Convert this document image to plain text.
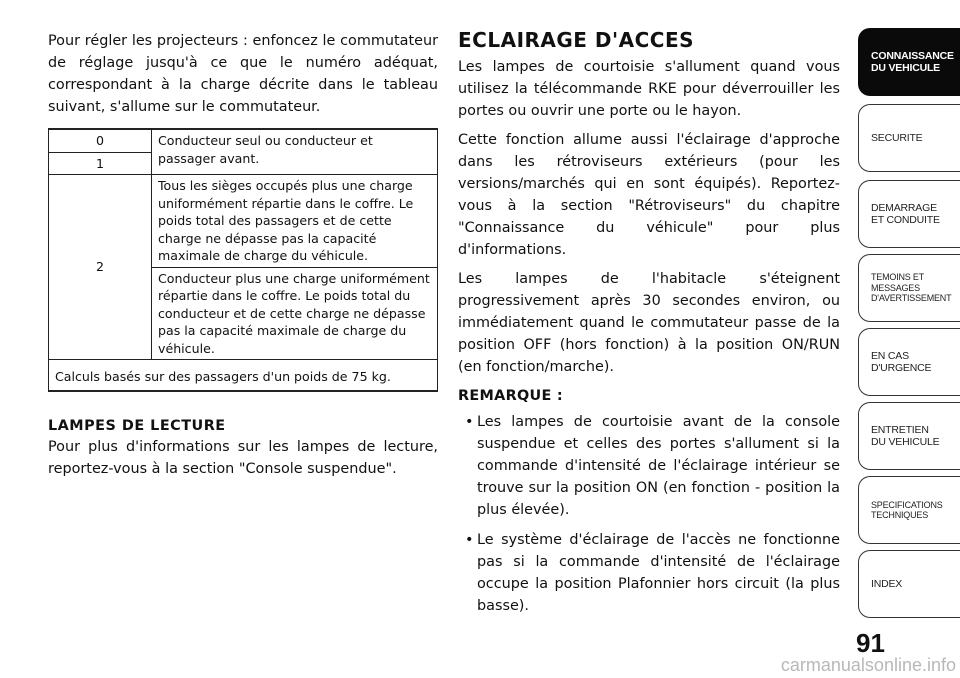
Pour régler les projecteurs : enfoncez le commutateur de réglage jusqu'à ce que le numéro adéquat, correspondant à la charge décrite dans le tableau suivant, s'allume sur le commutateur.

0	Conducteur seul ou conducteur et passager avant.
1	
2	Tous les sièges occupés plus une charge uniformément répartie dans le coffre. Le poids total des passagers et de cette charge ne dépasse pas la capacité maximale de charge du véhicule.
	Conducteur plus une charge uniformément répartie dans le coffre. Le poids total du conducteur et de cette charge ne dépasse pas la capacité maximale de charge du véhicule.
Calculs basés sur des passagers d'un poids de 75 kg.	
LAMPES DE LECTURE

Pour plus d'informations sur les lampes de lecture, reportez-vous à la section "Console suspendue".

ECLAIRAGE D'ACCES

Les lampes de courtoisie s'allument quand vous utilisez la télécommande RKE pour déverrouiller les portes ou ouvrir une porte ou le hayon.

Cette fonction allume aussi l'éclairage d'approche dans les rétroviseurs extérieurs (pour les versions/marchés qui en sont équipés). Reportez-vous à la section "Rétroviseurs" du chapitre "Connaissance du véhicule" pour plus d'informations.

Les lampes de l'habitacle s'éteignent progressivement après 30 secondes environ, ou immédiatement quand le commutateur passe de la position OFF (hors fonction) à la position ON/RUN (en fonction/marche).

REMARQUE :
• Les lampes de courtoisie avant de la console suspendue et celles des portes s'allument si la commande d'intensité de l'éclairage intérieur se trouve sur la position ON (en fonction - position la plus élevée).
• Le système d'éclairage de l'accès ne fonctionne pas si la commande d'intensité de l'éclairage occupe la position Plafonnier hors circuit (la plus basse).
CONNAISSANCE
DU VEHICULE
SECURITE
DEMARRAGE
ET CONDUITE
TEMOINS ET
MESSAGES
D'AVERTISSEMENT
EN CAS
D'URGENCE
ENTRETIEN
DU VEHICULE
SPECIFICATIONS
TECHNIQUES
INDEX
91
carmanualsonline.info
